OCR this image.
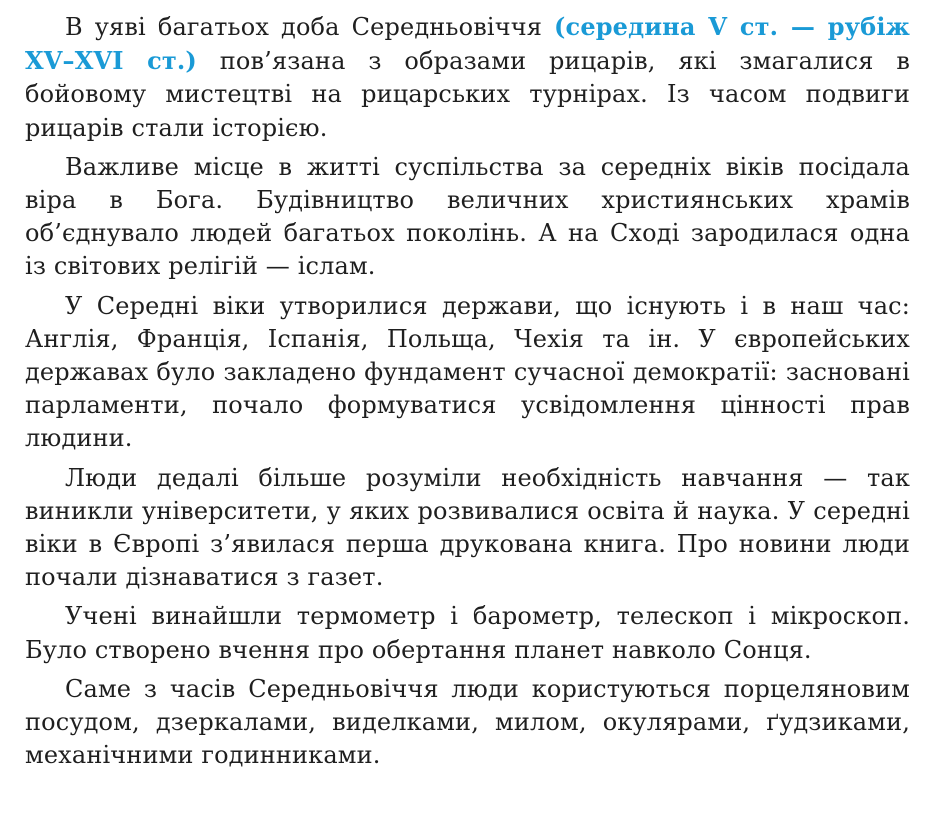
В уяві багатьох доба Середньовіччя (середина V ст. — рубіж XV–XVI ст.) пов’язана з образами рицарів, які змагалися в бойовому мистецтві на рицарських турнірах. Із часом подвиги рицарів стали історією.

Важливе місце в житті суспільства за середніх віків посідала віра в Бога. Будівництво величних християнських храмів об’єднувало людей багатьох поколінь. А на Сході зародилася одна із світових релігій — іслам.

У Середні віки утворилися держави, що існують і в наш час: Англія, Франція, Іспанія, Польща, Чехія та ін. У європейських державах було закладено фундамент сучасної демократії: засновані парламенти, почало формуватися усвідомлення цінності прав людини.

Люди дедалі більше розуміли необхідність навчання — так виникли університети, у яких розвивалися освіта й наука. У середні віки в Європі з’явилася перша друкована книга. Про новини люди почали дізнаватися з газет.

Учені винайшли термометр і барометр, телескоп і мікроскоп. Було створено вчення про обертання планет навколо Сонця.

Саме з часів Середньовіччя люди користуються порцеляновим посудом, дзеркалами, виделками, милом, окулярами, ґудзиками, механічними годинниками.
